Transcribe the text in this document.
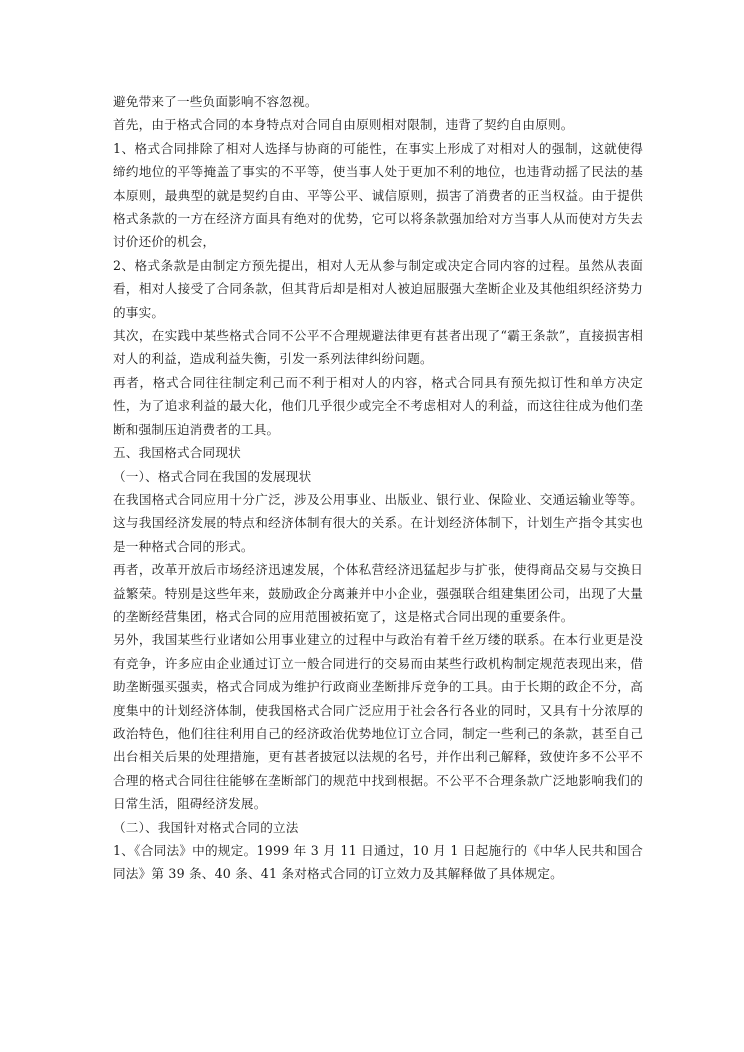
避免带来了一些负面影响不容忽视。

首先，由于格式合同的本身特点对合同自由原则相对限制，违背了契约自由原则。

1、格式合同排除了相对人选择与协商的可能性，在事实上形成了对相对人的强制，这就使得缔约地位的平等掩盖了事实的不平等，使当事人处于更加不利的地位，也违背动摇了民法的基本原则，最典型的就是契约自由、平等公平、诚信原则，损害了消费者的正当权益。由于提供格式条款的一方在经济方面具有绝对的优势，它可以将条款强加给对方当事人从而使对方失去讨价还价的机会，

2、格式条款是由制定方预先提出，相对人无从参与制定或决定合同内容的过程。虽然从表面看，相对人接受了合同条款，但其背后却是相对人被迫屈服强大垄断企业及其他组织经济势力的事实。

其次，在实践中某些格式合同不公平不合理规避法律更有甚者出现了“霸王条款”，直接损害相对人的利益，造成利益失衡，引发一系列法律纠纷问题。

再者，格式合同往往制定利己而不利于相对人的内容，格式合同具有预先拟订性和单方决定性，为了追求利益的最大化，他们几乎很少或完全不考虑相对人的利益，而这往往成为他们垄断和强制压迫消费者的工具。

五、我国格式合同现状

（一）、格式合同在我国的发展现状

在我国格式合同应用十分广泛，涉及公用事业、出版业、银行业、保险业、交通运输业等等。这与我国经济发展的特点和经济体制有很大的关系。在计划经济体制下，计划生产指令其实也是一种格式合同的形式。

再者，改革开放后市场经济迅速发展，个体私营经济迅猛起步与扩张，使得商品交易与交换日益繁荣。特别是这些年来，鼓励政企分离兼并中小企业，强强联合组建集团公司，出现了大量的垄断经营集团，格式合同的应用范围被拓宽了，这是格式合同出现的重要条件。

另外，我国某些行业诸如公用事业建立的过程中与政治有着千丝万缕的联系。在本行业更是没有竞争，许多应由企业通过订立一般合同进行的交易而由某些行政机构制定规范表现出来，借助垄断强买强卖，格式合同成为维护行政商业垄断排斥竞争的工具。由于长期的政企不分，高度集中的计划经济体制，使我国格式合同广泛应用于社会各行各业的同时，又具有十分浓厚的政治特色，他们往往利用自己的经济政治优势地位订立合同，制定一些利己的条款，甚至自己出台相关后果的处理措施，更有甚者披冠以法规的名号，并作出利己解释，致使许多不公平不合理的格式合同往往能够在垄断部门的规范中找到根据。不公平不合理条款广泛地影响我们的日常生活，阻碍经济发展。

（二）、我国针对格式合同的立法

1、《合同法》中的规定。1999 年 3 月 11 日通过，10 月 1 日起施行的《中华人民共和国合同法》第 39 条、40 条、41 条对格式合同的订立效力及其解释做了具体规定。
